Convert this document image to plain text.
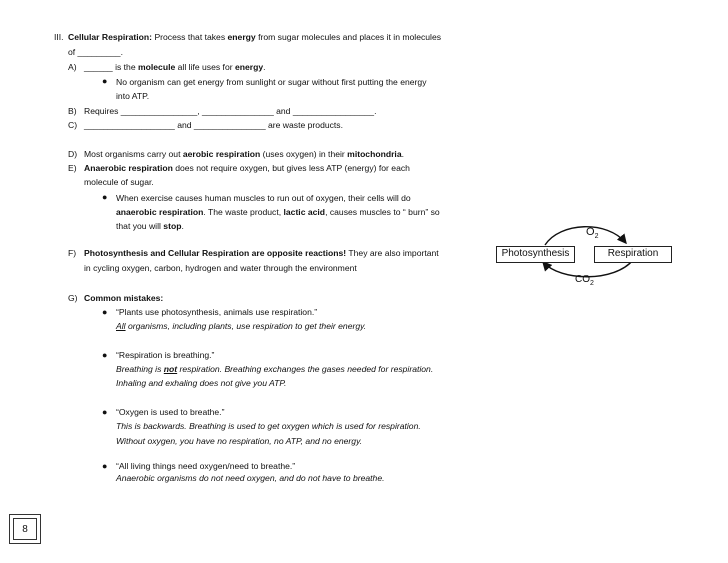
III. Cellular Respiration: Process that takes energy from sugar molecules and places it in molecules
of _________.
A) ______ is the molecule all life uses for energy.
● No organism can get energy from sunlight or sugar without first putting the energy
into ATP.
B) Requires ________________, _______________ and _________________.
C) ___________________ and _______________ are waste products.
D) Most organisms carry out aerobic respiration (uses oxygen) in their mitochondria.
E) Anaerobic respiration does not require oxygen, but gives less ATP (energy) for each
molecule of sugar.
● When exercise causes human muscles to run out of oxygen, their cells will do
anaerobic respiration. The waste product, lactic acid, causes muscles to “ burn” so
that you will stop.
F) Photosynthesis and Cellular Respiration are opposite reactions! They are also important
in cycling oxygen, carbon, hydrogen and water through the environment
G) Common mistakes:
● “Plants use photosynthesis, animals use respiration.”
All organisms, including plants, use respiration to get their energy.
● “Respiration is breathing.”
Breathing is not respiration. Breathing exchanges the gases needed for respiration.
Inhaling and exhaling does not give you ATP.
● “Oxygen is used to breathe.”
This is backwards. Breathing is used to get oxygen which is used for respiration.
Without oxygen, you have no respiration, no ATP, and no energy.
● “All living things need oxygen/need to breathe.”
Anaerobic organisms do not need oxygen, and do not have to breathe.
Photosynthesis	Respiration
$O_2$
$CO_2$
8
